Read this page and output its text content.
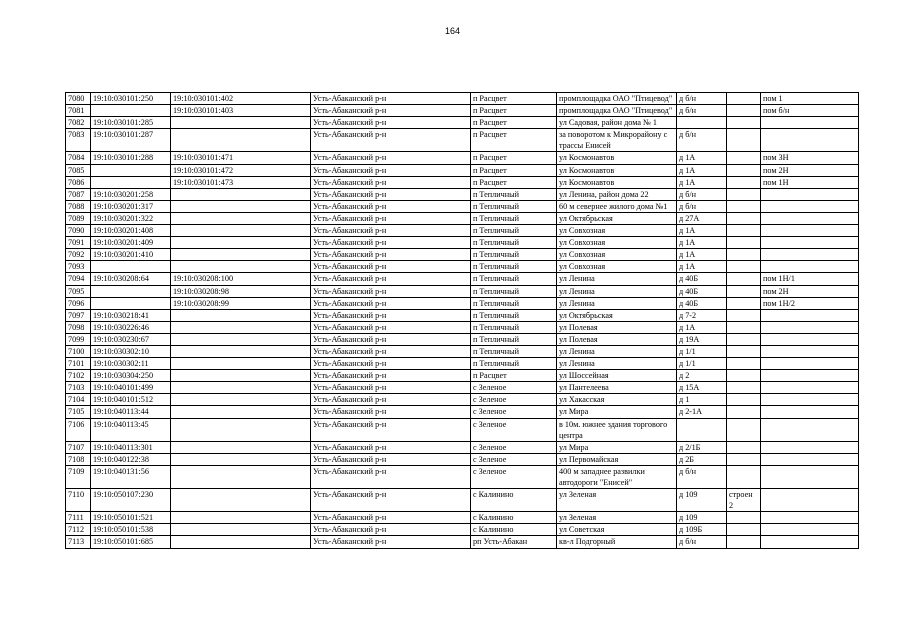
164
7080	19:10:030101:250	19:10:030101:402	Усть-Абаканский р-н	п Расцвет	промплощадка ОАО "Птицевод"	д б/н		пом 1
7081		19:10:030101:403	Усть-Абаканский р-н	п Расцвет	промплощадка ОАО "Птицевод"	д б/н		пом б/н
7082	19:10:030101:285		Усть-Абаканский р-н	п Расцвет	ул Садовая, район дома № 1			
7083	19:10:030101:287		Усть-Абаканский р-н	п Расцвет	за поворотом к Микрорайону с трассы Енисей	д б/н		
7084	19:10:030101:288	19:10:030101:471	Усть-Абаканский р-н	п Расцвет	ул Космонавтов	д 1А		пом 3Н
7085		19:10:030101:472	Усть-Абаканский р-н	п Расцвет	ул Космонавтов	д 1А		пом 2Н
7086		19:10:030101:473	Усть-Абаканский р-н	п Расцвет	ул Космонавтов	д 1А		пом 1Н
7087	19:10:030201:258		Усть-Абаканский р-н	п Тепличный	ул Ленина, район дома 22	д б/н		
7088	19:10:030201:317		Усть-Абаканский р-н	п Тепличный	60 м севернее жилого дома №1	д б/н		
7089	19:10:030201:322		Усть-Абаканский р-н	п Тепличный	ул Октябрьская	д 27А		
7090	19:10:030201:408		Усть-Абаканский р-н	п Тепличный	ул Совхозная	д 1А		
7091	19:10:030201:409		Усть-Абаканский р-н	п Тепличный	ул Совхозная	д 1А		
7092	19:10:030201:410		Усть-Абаканский р-н	п Тепличный	ул Совхозная	д 1А		
7093			Усть-Абаканский р-н	п Тепличный	ул Совхозная	д 1А		
7094	19:10:030208:64	19:10:030208:100	Усть-Абаканский р-н	п Тепличный	ул Ленина	д 40Б		пом 1Н/1
7095		19:10:030208:98	Усть-Абаканский р-н	п Тепличный	ул Ленина	д 40Б		пом 2Н
7096		19:10:030208:99	Усть-Абаканский р-н	п Тепличный	ул Ленина	д 40Б		пом 1Н/2
7097	19:10:030218:41		Усть-Абаканский р-н	п Тепличный	ул Октябрьская	д 7-2		
7098	19:10:030226:46		Усть-Абаканский р-н	п Тепличный	ул Полевая	д 1А		
7099	19:10:030230:67		Усть-Абаканский р-н	п Тепличный	ул Полевая	д 19А		
7100	19:10:030302:10		Усть-Абаканский р-н	п Тепличный	ул Ленина	д 1/1		
7101	19:10:030302:11		Усть-Абаканский р-н	п Тепличный	ул Ленина	д 1/1		
7102	19:10:030304:250		Усть-Абаканский р-н	п Расцвет	ул Шоссейная	д 2		
7103	19:10:040101:499		Усть-Абаканский р-н	с Зеленое	ул Пантелеева	д 15А		
7104	19:10:040101:512		Усть-Абаканский р-н	с Зеленое	ул Хакасская	д 1		
7105	19:10:040113:44		Усть-Абаканский р-н	с Зеленое	ул Мира	д 2-1А		
7106	19:10:040113:45		Усть-Абаканский р-н	с Зеленое	в 10м. южнее здания торгового центра			
7107	19:10:040113:301		Усть-Абаканский р-н	с Зеленое	ул Мира	д 2/1Б		
7108	19:10:040122:38		Усть-Абаканский р-н	с Зеленое	ул Первомайская	д 2Б		
7109	19:10:040131:56		Усть-Абаканский р-н	с Зеленое	400 м западнее развилки автодороги "Енисей"	д б/н		
7110	19:10:050107:230		Усть-Абаканский р-н	с Калинино	ул Зеленая	д 109	строен 2	
7111	19:10:050101:521		Усть-Абаканский р-н	с Калинино	ул Зеленая	д 109		
7112	19:10:050101:538		Усть-Абаканский р-н	с Калинино	ул Советская	д 109Б		
7113	19:10:050101:685		Усть-Абаканский р-н	рп Усть-Абакан	кв-л Подгорный	д б/н		
